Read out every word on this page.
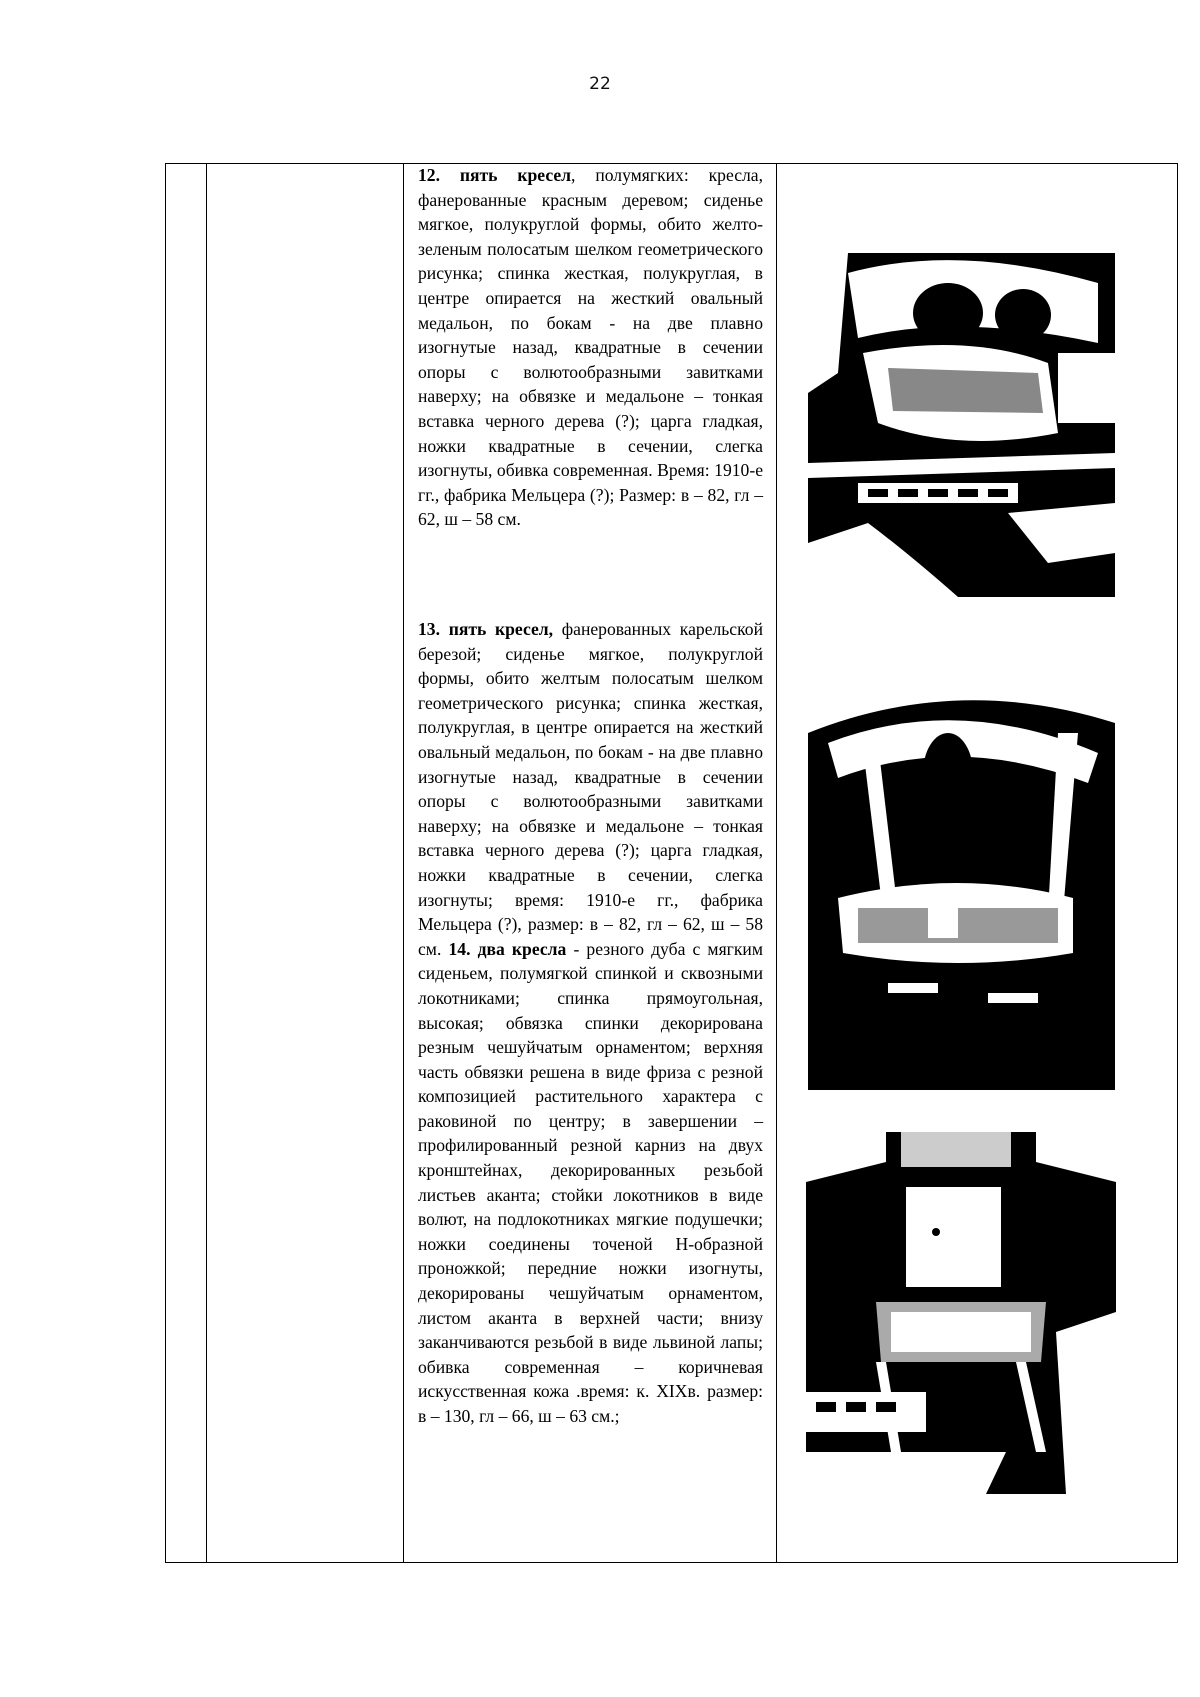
22

12. пять кресел, полумягких: кресла, фанерованные красным деревом; сиденье мягкое, полукруглой формы, обито желто-зеленым полосатым шелком геометрического рисунка; спинка жесткая, полукруглая, в центре опирается на жесткий овальный медальон, по бокам - на две плавно изогнутые назад, квадратные в сечении опоры с волютообразными завитками наверху; на обвязке и медальоне – тонкая вставка черного дерева (?); царга гладкая, ножки квадратные в сечении, слегка изогнуты, обивка современная. Время: 1910-е гг., фабрика Мельцера (?); Размер: в – 82, гл – 62, ш – 58 см.

13. пять кресел, фанерованных карельской березой; сиденье мягкое, полукруглой формы, обито желтым полосатым шелком геометрического рисунка; спинка жесткая, полукруглая, в центре опирается на жесткий овальный медальон, по бокам - на две плавно изогнутые назад, квадратные в сечении опоры с волютообразными завитками наверху; на обвязке и медальоне – тонкая вставка черного дерева (?); царга гладкая, ножки квадратные в сечении, слегка изогнуты; время: 1910-е гг., фабрика Мельцера (?), размер: в – 82, гл – 62, ш – 58 см. 14. два кресла - резного дуба с мягким сиденьем, полумягкой спинкой и сквозными локотниками; спинка прямоугольная, высокая; обвязка спинки декорирована резным чешуйчатым орнаментом; верхняя часть обвязки решена в виде фриза с резной композицией растительного характера с раковиной по центру; в завершении – профилированный резной карниз на двух кронштейнах, декорированных резьбой листьев аканта; стойки локотников в виде волют, на подлокотниках мягкие подушечки; ножки соединены точеной Н-образной проножкой; передние ножки изогнуты, декорированы чешуйчатым орнаментом, листом аканта в верхней части; внизу заканчиваются резьбой в виде львиной лапы; обивка современная – коричневая искусственная кожа .время: к. XIXв. размер: в – 130, гл – 66, ш – 63 см.;
